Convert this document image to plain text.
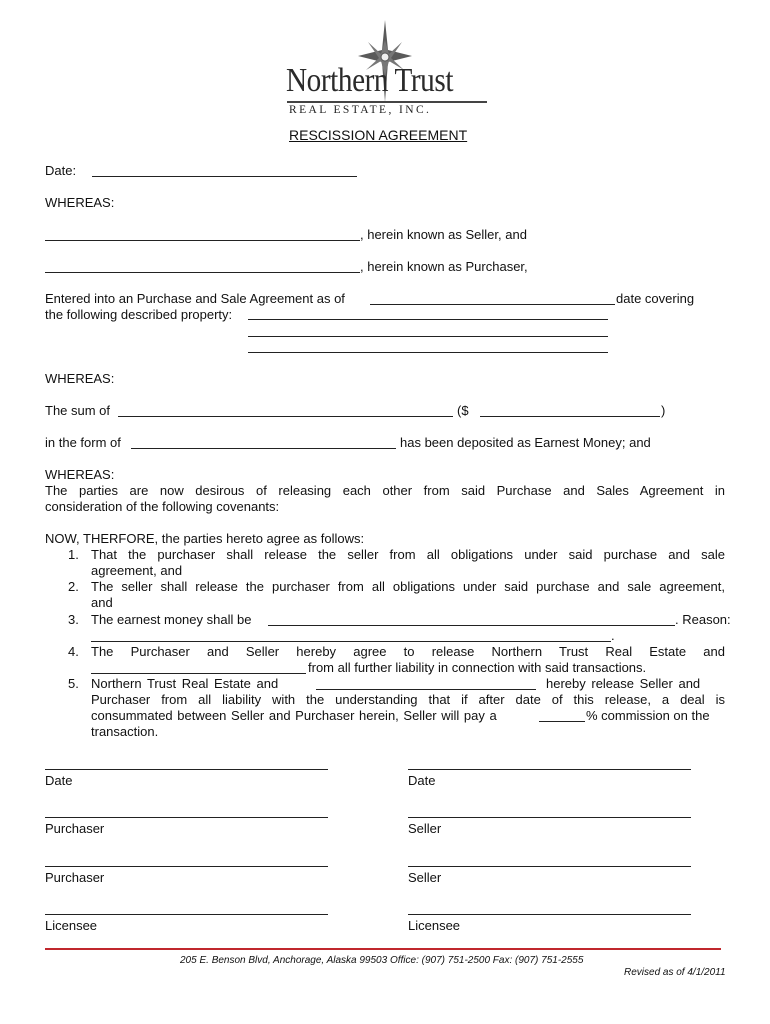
Northern Trust
REAL ESTATE, INC.
RESCISSION AGREEMENT
Date:
WHEREAS:
, herein known as Seller, and
, herein known as Purchaser,
Entered into an Purchase and Sale Agreement as of	date covering
the following described property:
WHEREAS:
The sum of	($	)
in the form of	has been deposited as Earnest Money; and
WHEREAS:
The parties are now desirous of releasing each other from said Purchase and Sales Agreement in
consideration of the following covenants:
NOW, THERFORE, the parties hereto agree as follows:
1. That the purchaser shall release the seller from all obligations under said purchase and sale
agreement, and
2. The seller shall release the purchaser from all obligations under said purchase and sale agreement,
and
3. The earnest money shall be	. Reason:
.
4. The Purchaser and Seller hereby agree to release Northern Trust Real Estate and
from all further liability in connection with said transactions.
5. Northern Trust Real Estate and	hereby release Seller and
Purchaser from all liability with the understanding that if after date of this release, a deal is
consummated between Seller and Purchaser herein, Seller will pay a	% commission on the
transaction.
Date	Date
Purchaser	Seller
Purchaser	Seller
Licensee	Licensee
205 E. Benson Blvd, Anchorage, Alaska 99503 Office: (907) 751-2500 Fax: (907) 751-2555
Revised as of 4/1/2011
